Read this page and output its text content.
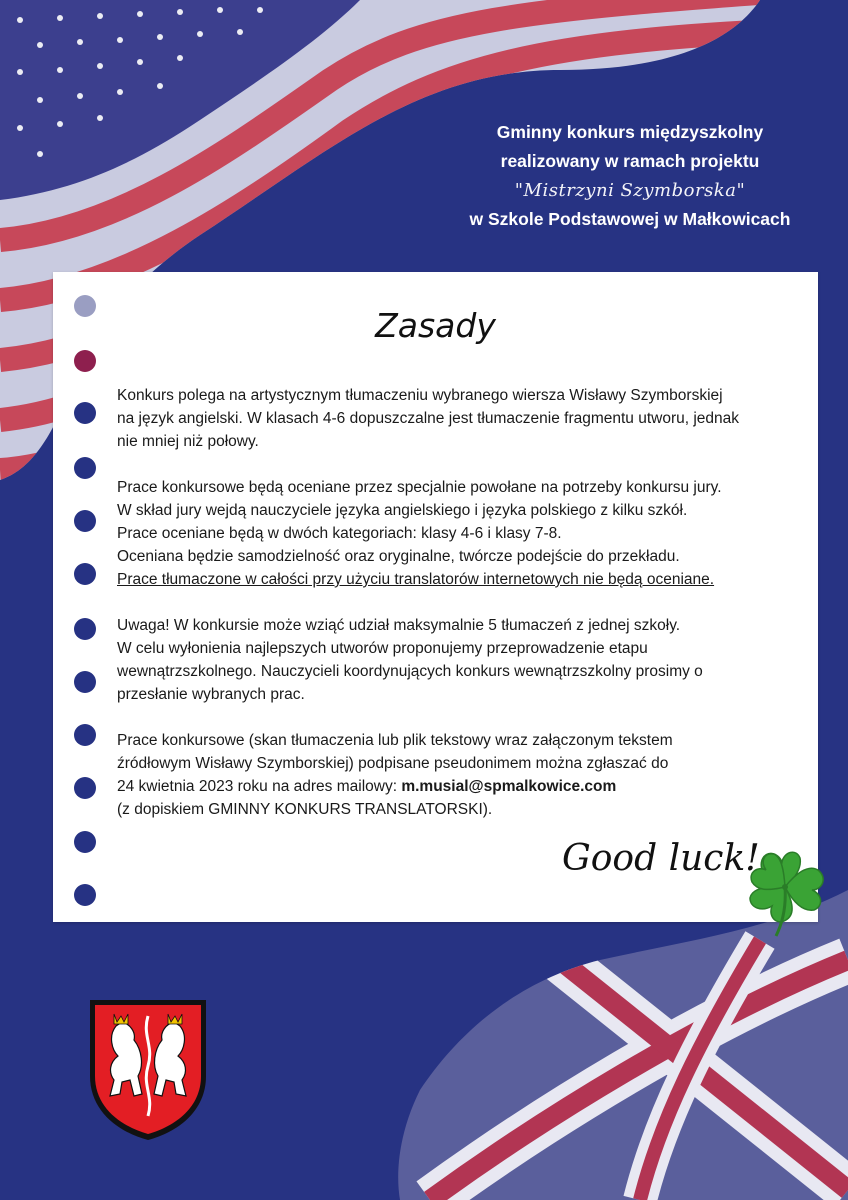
Gminny konkurs międzyszkolny
realizowany w ramach projektu
"Mistrzyni Szymborska"
w Szkole Podstawowej w Małkowicach
Zasady

Konkurs polega na artystycznym tłumaczeniu wybranego wiersza Wisławy Szymborskiej
na język angielski. W klasach 4-6 dopuszczalne jest tłumaczenie fragmentu utworu, jednak
nie mniej niż połowy.

Prace konkursowe będą oceniane przez specjalnie powołane na potrzeby konkursu jury.
W skład jury wejdą nauczyciele języka angielskiego i języka polskiego z kilku szkół.
Prace oceniane będą w dwóch kategoriach: klasy 4-6 i klasy 7-8.
Oceniana będzie samodzielność oraz oryginalne, twórcze podejście do przekładu.
Prace tłumaczone w całości przy użyciu translatorów internetowych nie będą oceniane.

Uwaga! W konkursie może wziąć udział maksymalnie 5 tłumaczeń z jednej szkoły.
W celu wyłonienia najlepszych utworów proponujemy przeprowadzenie etapu
wewnątrzszkolnego. Nauczycieli koordynujących konkurs wewnątrzszkolny prosimy o
przesłanie wybranych prac.

Prace konkursowe (skan tłumaczenia lub plik tekstowy wraz załączonym tekstem
źródłowym Wisławy Szymborskiej) podpisane pseudonimem można zgłaszać do
24 kwietnia 2023 roku na adres mailowy: m.musial@spmalkowice.com
(z dopiskiem GMINNY KONKURS TRANSLATORSKI).

Good luck!
